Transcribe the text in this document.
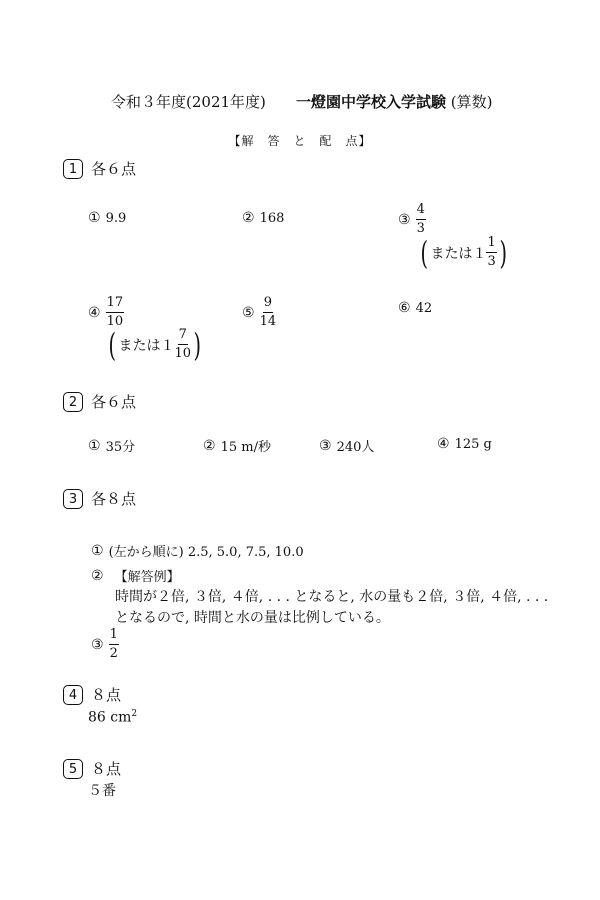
令和３年度(2021年度) 一燈園中学校入学試験 (算数)
【解　答　と　配　点】
1 各６点
① 9.9	② 168	③ $\frac{4}{3}$
( または$1 \frac{1}{3}$ )
④ $\frac{17}{10}$
( または$1 \frac{7}{10}$ )
⑤ $\frac{9}{14}$	⑥ 42
2 各６点
① 35分	② 15 m/秒	③ 240人	④ 125 g
3 各８点
① (左から順に) 2.5, 5.0, 7.5, 10.0
② 【解答例】
時間が２倍, ３倍, ４倍, . . . となると, 水の量も２倍, ３倍, ４倍, . . .
となるので, 時間と水の量は比例している。
③ $\frac{1}{2}$
4 ８点
86 $cm^2$
5 ８点
５番
